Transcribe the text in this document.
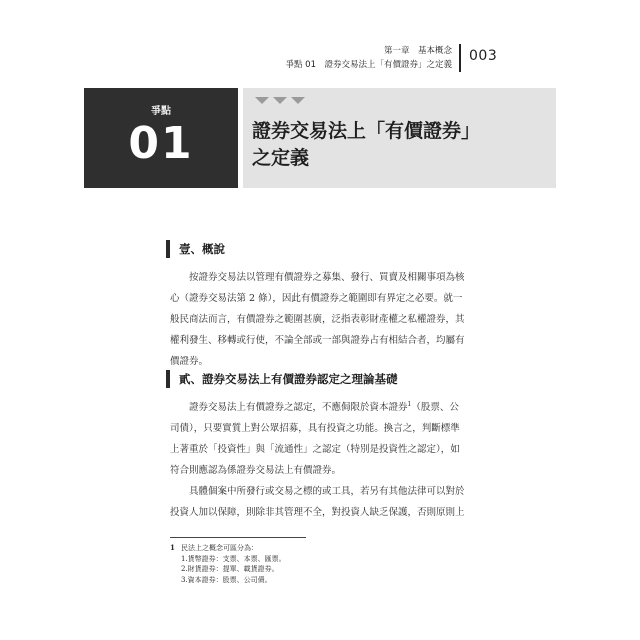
第一章　基本概念
爭點 01　證券交易法上「有價證券」之定義
003
爭點
01	證券交易法上「有價證券」
之定義
壹、概說
按證券交易法以管理有價證券之募集、發行、買賣及相關事項為核
心（證券交易法第 2 條），因此有價證券之範圍即有界定之必要。就一
般民商法而言，有價證券之範圍甚廣，泛指表彰財產權之私權證券，其
權利發生、移轉或行使，不論全部或一部與證券占有相結合者，均屬有
價證券。
貳、證券交易法上有價證券認定之理論基礎
證券交易法上有價證券之認定，不應侷限於資本證券$^1$（股票、公
司債），只要實質上對公眾招募，具有投資之功能。換言之，判斷標準
上著重於「投資性」與「流通性」之認定（特別是投資性之認定），如
符合則應認為係證券交易法上有價證券。
具體個案中所發行或交易之標的或工具，若另有其他法律可以對於
投資人加以保障，則除非其管理不全，對投資人缺乏保護，否則原則上
1 民法上之概念可區分為：
1.貨幣證券：支票、本票、匯票。
2.財貨證券：提單、載貨證券。
3.資本證券：股票、公司債。
